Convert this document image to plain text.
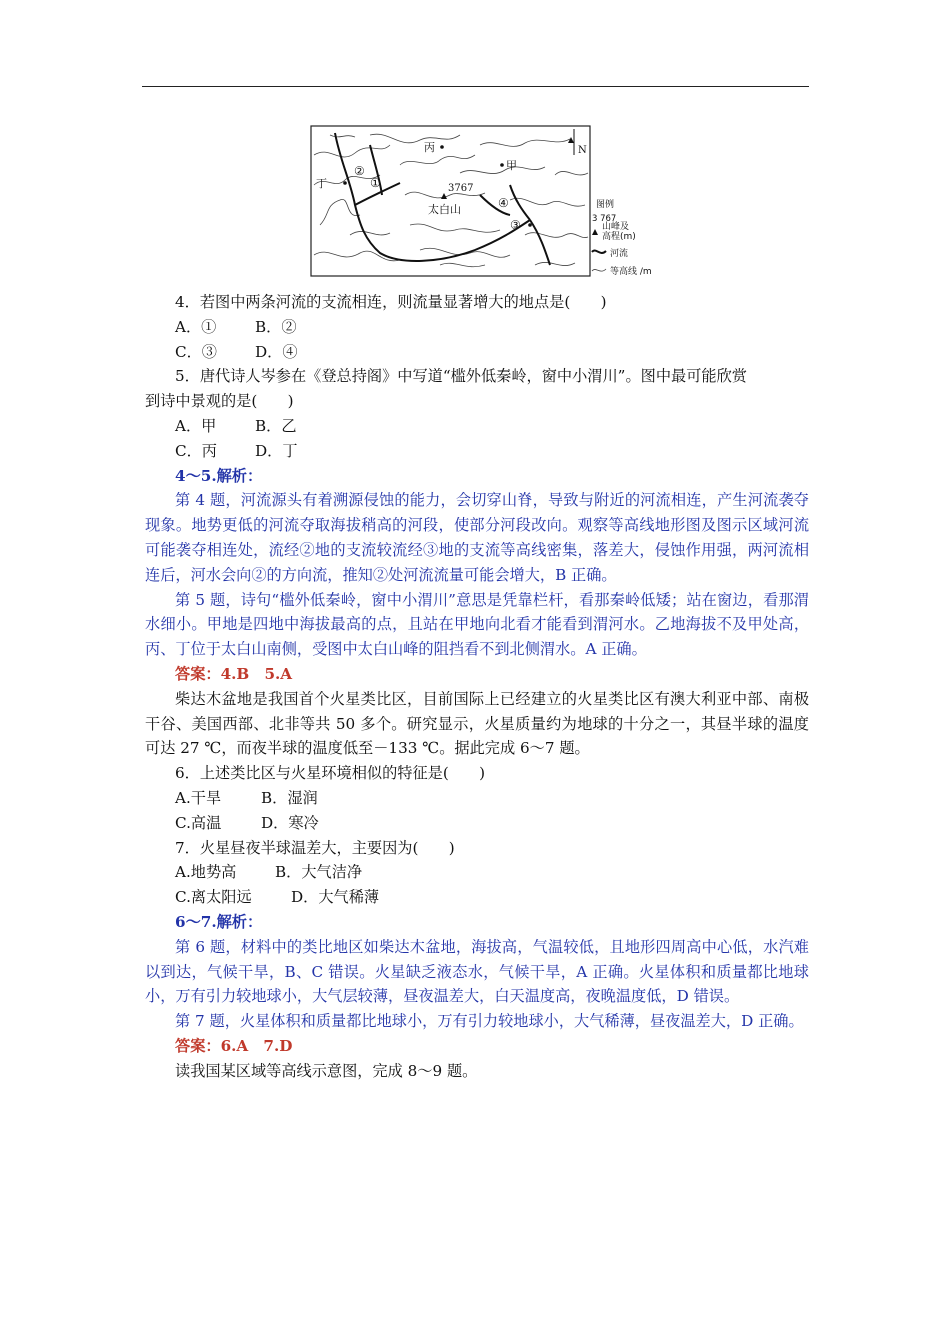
丙
甲
丁	3767
太白山
①
②
③
④
N
图例
3 767
山峰及
高程(m)
河流
等高线 /m
4．若图中两条河流的支流相连，则流量显著增大的地点是(　　)
A．①	B．②
C．③	D．④
5．唐代诗人岑参在《登总持阁》中写道“槛外低秦岭，窗中小渭川”。图中最可能欣赏
到诗中景观的是(　　)
A．甲	B．乙
C．丙	D．丁
4～5.解析：

第 4 题，河流源头有着溯源侵蚀的能力，会切穿山脊，导致与附近的河流相连，产生河流袭夺现象。地势更低的河流夺取海拔稍高的河段，使部分河段改向。观察等高线地形图及图示区域河流可能袭夺相连处，流经②地的支流较流经③地的支流等高线密集，落差大，侵蚀作用强，两河流相连后，河水会向②的方向流，推知②处河流流量可能会增大，B 正确。

第 5 题，诗句“槛外低秦岭，窗中小渭川”意思是凭靠栏杆，看那秦岭低矮；站在窗边，看那渭水细小。甲地是四地中海拔最高的点，且站在甲地向北看才能看到渭河水。乙地海拔不及甲处高，丙、丁位于太白山南侧，受图中太白山峰的阻挡看不到北侧渭水。A 正确。

答案：4.B　5.A

柴达木盆地是我国首个火星类比区，目前国际上已经建立的火星类比区有澳大利亚中部、南极干谷、美国西部、北非等共 50 多个。研究显示，火星质量约为地球的十分之一，其昼半球的温度可达 27 ℃，而夜半球的温度低至－133 ℃。据此完成 6～7 题。

6．上述类比区与火星环境相似的特征是(　　)
A.干旱	B．湿润
C.高温	D．寒冷
7．火星昼夜半球温差大，主要因为(　　)
A.地势高	B．大气洁净
C.离太阳远	D．大气稀薄
6～7.解析：

第 6 题，材料中的类比地区如柴达木盆地，海拔高，气温较低，且地形四周高中心低，水汽难以到达，气候干旱，B、C 错误。火星缺乏液态水，气候干旱，A 正确。火星体积和质量都比地球小，万有引力较地球小，大气层较薄，昼夜温差大，白天温度高，夜晚温度低，D 错误。

第 7 题，火星体积和质量都比地球小，万有引力较地球小，大气稀薄，昼夜温差大，D 正确。

答案：6.A　7.D
读我国某区域等高线示意图，完成 8～9 题。
